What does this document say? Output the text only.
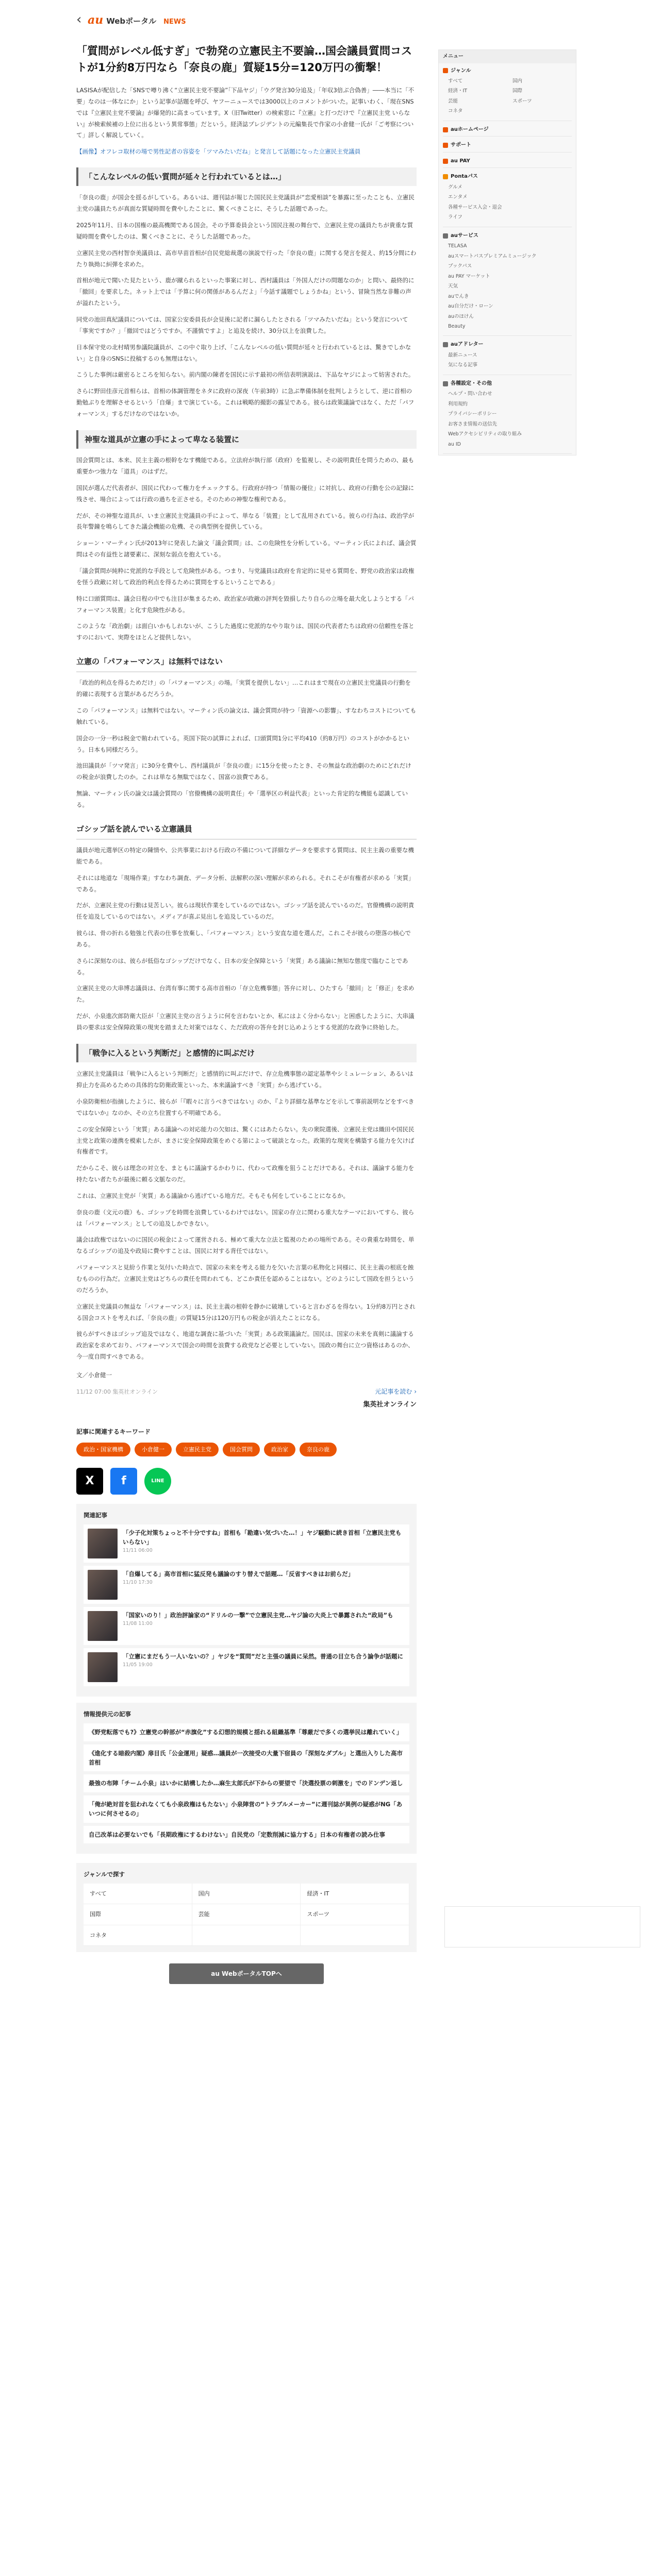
‹ au Webポータル NEWS
「質問がレベル低すぎ」で勃発の立憲民主不要論…国会議員質問コストが1分約8万円なら「奈良の鹿」質疑15分=120万円の衝撃！

LASISAが配信した「SNSで噂り沸く“立憲民主党不要論”「下品ヤジ」「ウグ発言30分追及」「年収3倍ぶ合偽善」――本当に「不要」なのは一体なにか」という記事が話題を呼び、ヤフーニュースでは3000以上のコメントがついた。記事いわく、「現在SNSでは『立憲民主党不要論』が爆発的に高まっています。X（旧Twitter）の検索窓に『立憲』と打つだけで『立憲民主党 いらない』が検索候補の上位に出るという異常事態」だという。経済誌プレジデントの元編集長で作家の小倉健一氏が「ご考察について」詳しく解説していく。

【画像】オフレコ取材の場で男性記者の容姿を「ツマみたいだね」と発言して話題になった立憲民主党議員
「こんなレベルの低い質問が延々と行われているとは…」

「奈良の鹿」が国会を揺るがしている。あるいは、週刊誌が報じた国民民主党議員が“恋愛相談”を暴露に至ったことも、立憲民主党の議員たちが真面な質疑時間を費やしたことに、驚くべきことに、そうした話題であった。

2025年11月、日本の国権の最高機関である国会。その予算委員会という国民注視の舞台で、立憲民主党の議員たちが貴重な質疑時間を費やしたのは、驚くべきことに、そうした話題であった。

立憲民主党の西村智奈美議員は、高市早苗首相が自民党総裁選の演説で行った「奈良の鹿」に関する発言を捉え、約15分間にわたり執拗に糾弾を求めた。

首相が地元で聞いた見たという、鹿が蹴られるといった事案に対し、西村議員は「外国人だけの問題なのか」と問い、最終的に「撤回」を要求した。ネット上では「予算に何の関係があるんだよ」「今話す議題でしょうかね」という、冒険当然な非難の声が溢れたという。

同党の池田真紀議員については、国家公安委員長が会見後に記者に漏らしたとされる「ツマみたいだね」という発言について「事実ですか？」「撤回ではどうですか。不謹慎ですよ」と追及を続け、30分以上を浪費した。

日本保守党の北村晴男参議院議員が、この中ぐ取り上げ、「こんなレベルの低い質問が延々と行われているとは、驚きでしかない」と自身のSNSに投稿するのも無理はない。

こうした事例は厳密るところを知らない。前内閣の陳者を国民に示す最初の所信表明演説は、下品なヤジによって妨害された。

さらに野田佳彦元首相らは、首相の体調管理をネタに政府の深夜（午前3時）に急ぶ準備体制を批判しようとして、逆に首相の勤勉ぶりを理解させるという「自爆」まで演じている。これは戦略的撮影の露呈である。彼らは政策議論ではなく、ただ「パフォーマンス」するだけなのではないか。

神聖な道具が立憲の手によって卑なる装置に

国会質問とは、本来、民主主義の根幹をなす機能である。立法府が執行部（政府）を監視し、その説明責任を問うための、最も重要かつ強力な「道具」のはずだ。

国民が選んだ代表者が、国民に代わって権力をチェックする。行政府が持つ「情報の優位」に対抗し、政府の行動を公の記録に残させ、場合によっては行政の過ちを正させる。そのための神聖な権利である。

だが、その神聖な道具が、いま立憲民主党議員の手によって、単なる「装置」として乱用されている。彼らの行為は、政治学が長年警鐘を鳴らしてきた議会機能の危機、その典型例を提供している。

ショーン・マーティン氏が2013年に発表した論文「議会質問」は、この危険性を分析している。マーティン氏によれば、議会質問はその有益性と諸要素に、深刻な弱点を抱えている。

「議会質問が純粋に党派的な手段として危険性がある。つまり、与党議員は政府を肯定的に見せる質問を、野党の政治家は政権を怪う政敵に対して政治的利点を得るために質問をするということである」

特に口頭質問は、議会日程の中でも注目が集まるため、政治家が政敵の評判を毀損したり自らの立場を最大化しようとする「パフォーマンス装置」と化す危険性がある。

このような「政治劇」は面白いかもしれないが、こうした過度に党派的なやり取りは、国民の代表者たちは政府の信頼性を落とすのにおいて、実際をほとんど提供しない。

立憲の「パフォーマンス」は無料ではない

「政治的利点を得るためだけ」の「パフォーマンス」の場。「実質を提供しない」…これはまで現在の立憲民主党議員の行動を的確に表現する言葉があるだろうか。

この「パフォーマンス」は無料ではない。マーティン氏の論文は、議会質問が持つ「資源への影響」、すなわちコストについても触れている。

国会の一分一秒は税金で賄われている。英国下院の試算によれば、口頭質問1分に平均410（約8万円）のコストがかかるという。日本も同様だろう。

池田議員が「ツマ発言」に30分を費やし、西村議員が「奈良の鹿」に15分を使ったとき、その無益な政治劇のためにどれだけの税金が浪費したのか。これは単なる無駄ではなく、国富の浪費である。

無論、マーティン氏の論文は議会質問の「官僚機構の説明責任」や「選挙区の利益代表」といった肯定的な機能も認識している。

ゴシップ話を読んでいる立憲議員

議員が地元選挙区の特定の陳情や、公共事業における行政の不備について詳細なデータを要求する質問は、民主主義の重要な機能である。

それには地道な「現場作業」すなわち調査、データ分析、法解釈の深い理解が求められる。それこそが有権者が求める「実質」である。

だが、立憲民主党の行動は見苦しい。彼らは現状作業をしているのではない。ゴシップ話を読んでいるのだ。官僚機構の説明責任を追及しているのではない。メディアが喜ぶ見出しを追及しているのだ。

彼らは、骨の折れる勉強と代表の仕事を放棄し、「パフォーマンス」という安直な道を選んだ。これこそが彼らの堕落の核心である。

さらに深刻なのは、彼らが低俗なゴシップだけでなく、日本の安全保障という「実質」ある議論に無知な態度で臨むことである。

立憲民主党の大串博志議員は、台湾有事に関する高市首相の「存立危機事態」答弁に対し、ひたすら「撤回」と「修正」を求めた。

だが、小泉進次郎防衛大臣が「立憲民主党の言うように何を言わないとか、私にはよく分からない」と困惑したように、大串議員の要求は安全保障政策の現実を踏まえた対案ではなく、ただ政府の答弁を封じ込めようとする党派的な政争に終始した。

「戦争に入るという判断だ」と感情的に叫ぶだけ

立憲民主党議員は「戦争に入るという判断だ」と感情的に叫ぶだけで、存立危機事態の認定基準やシミュレーション、あるいは抑止力を高めるための具体的な防衛政策といった、本来議論すべき「実質」から逃げている。

小泉防衛相が指摘したように、彼らが「『暇々に言うべきではない』のか、『より詳細な基準などを示して事前説明などをすべきではないか』なのか、その立ち位置すら不明確である。

この安全保障という「実質」ある議論への対応能力の欠如は、驚くにはあたらない。先の衆院選後、立憲民主党は織田や国民民主党と政策の連携を模索したが、まさに安全保障政策をめぐる第によって破談となった。政策的な現実を構築する能力を欠けば有権者です。

だからこそ、彼らは理念の対立を、まともに議論するかわりに、代わって政権を狙うことだけである。それは、議論する能力を持たない者たちが最後に頼る文脈なのだ。

これは、立憲民主党が「実質」ある議論から逃げている地方だ。そもそも何をしていることになるか。

奈良の鹿（文元の鹿）も、ゴシップを時間を浪費しているわけではない。国家の存立に関わる重大なテーマにおいてすら、彼らは「パフォーマンス」としての追及しかできない。

議会は政権ではないのに国民の税金によって運営される、極めて重大な立法と監視のための場所である。その貴重な時間を、単なるゴシップの追及や政局に費やすことは、国民に対する背任ではない。

パフォーマンスと見紛う作業と気付いた時点で、国家の未来を考える能力を欠いた言葉の私物化と同様に、民主主義の根底を蝕むものの行為だ。立憲民主党はどちらの責任を問われても、どこか責任を認めることはない。どのようにして国政を担うというのだろうか。

立憲民主党議員の無益な「パフォーマンス」は、民主主義の根幹を静かに破壊していると言わざるを得ない。1分約8万円とされる国会コストを考えれば、「奈良の鹿」の質疑15分は120万円もの税金が消えたことになる。

彼らがすべきはゴシップ追及ではなく、地道な調査に基づいた「実質」ある政策議論だ。国民は、国家の未来を真剣に議論する政治家を求めており、パフォーマンスで国会の時間を浪費する政党など必要としていない。国政の舞台に立つ資格はあるのか、今一度自問すべきである。

文／小倉健一
11/12 07:00 集英社オンライン	元記事を読む ›
集英社オンライン
記事に関連するキーワード
政治・国家機構	小倉健一	立憲民主党	国会質問	政治家	奈良の鹿
X	f	LINE
関連記事
「少子化対策ちょっと不十分ですね」首相も「勘違い気づいた…！」ヤジ騒動に続き首相「立憲民主党もいらない」
11/11 06:00
「自爆してる」高市首相に猛反発も議論のすり替えで話題…「反省すべきはお前らだ」
11/10 17:30
「国家いのり！」政治評論家の“ドリルの一撃”で立憲民主党…ヤジ論の大炎上で暴露された“政局”も
11/08 11:00
「立憲にまだもう一人いないの？」ヤジを“質問”だと主張の議員に呆然。普通の目立ち合う論争が話題に
11/05 19:00
情報提供元の記事
《野党転落でも?》立憲党の幹部が“赤旗化”する幻想的規模と揺れる組織基準「尊厳だで多くの選挙民は離れていく」
《進化する暗殺内閣》扉目氏「公金運用」疑惑…議員が一次接受の大量下宿員の「深刻なダブル」と選出入りした高市首相
最強の布陣「チーム小泉」はいかに結構したか…麻生太郎氏が下からの要望で「決選投票の刺激を」でのドンデン返し
「俺が絶対首を狙われなくても小泉政権はもたない」小泉陣営の“トラブルメーカー”に週刊誌が異例の疑惑がNG「あいつに何させるの」
自己改革は必要ないでも「長期政権にするわけない」自民党の「定数削減に協力する」日本の有権者の読み仕事
ジャンルで探す
すべて	国内	経済・IT
国際	芸能	スポーツ
コネタ
au WebポータルTOPへ
メニュー
ジャンル
すべて	国内
経済・IT	国際
芸能	スポーツ
コネタ
auホームページ
サポート
au PAY
Pontaパス
グルメ
エンタメ
各種サービス入会・退会
ライフ
auサービス
TELASA
auスマートパスプレミアムミュージック
ブックパス
au PAY マーケット
天気
auでんき
au自分だけ・ローン
auのほけん
Beauty
auアドレター
最新ニュース
気になる記事
各種設定・その他
ヘルプ・問い合わせ
利用規約
プライバシーポリシー
お客さま情報の送信先
Webアクセシビリティの取り組み
au ID
